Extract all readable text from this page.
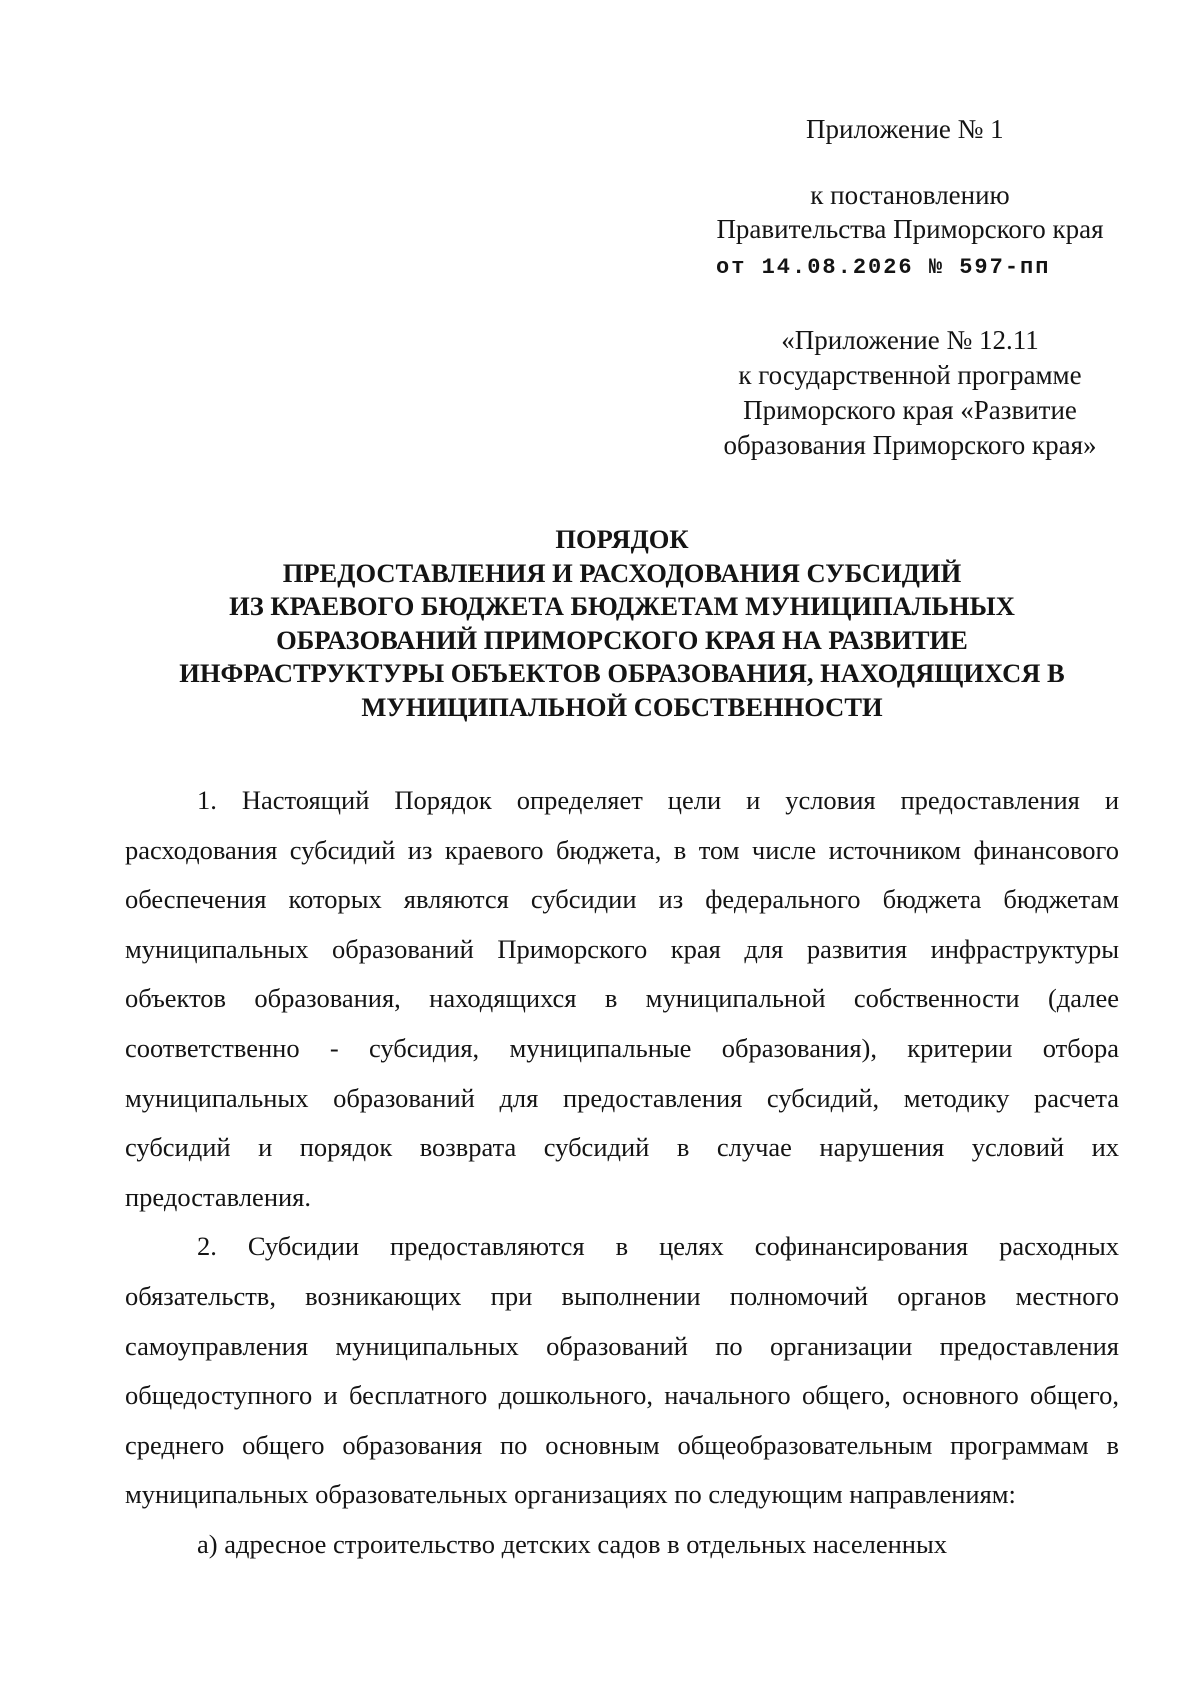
Приложение № 1
к постановлению
Правительства Приморского края
от 14.08.2026 № 597-пп
«Приложение № 12.11
к государственной программе
Приморского края «Развитие
образования Приморского края»
ПОРЯДОК
ПРЕДОСТАВЛЕНИЯ И РАСХОДОВАНИЯ СУБСИДИЙ
ИЗ КРАЕВОГО БЮДЖЕТА БЮДЖЕТАМ МУНИЦИПАЛЬНЫХ
ОБРАЗОВАНИЙ ПРИМОРСКОГО КРАЯ НА РАЗВИТИЕ
ИНФРАСТРУКТУРЫ ОБЪЕКТОВ ОБРАЗОВАНИЯ, НАХОДЯЩИХСЯ В
МУНИЦИПАЛЬНОЙ СОБСТВЕННОСТИ

1. Настоящий Порядок определяет цели и условия предоставления и расходования субсидий из краевого бюджета, в том числе источником финансового обеспечения которых являются субсидии из федерального бюджета бюджетам муниципальных образований Приморского края для развития инфраструктуры объектов образования, находящихся в муниципальной собственности (далее соответственно - субсидия, муниципальные образования), критерии отбора муниципальных образований для предоставления субсидий, методику расчета субсидий и порядок возврата субсидий в случае нарушения условий их предоставления.

2. Субсидии предоставляются в целях софинансирования расходных обязательств, возникающих при выполнении полномочий органов местного самоуправления муниципальных образований по организации предоставления общедоступного и бесплатного дошкольного, начального общего, основного общего, среднего общего образования по основным общеобразовательным программам в муниципальных образовательных организациях по следующим направлениям:

а) адресное строительство детских садов в отдельных населенных
